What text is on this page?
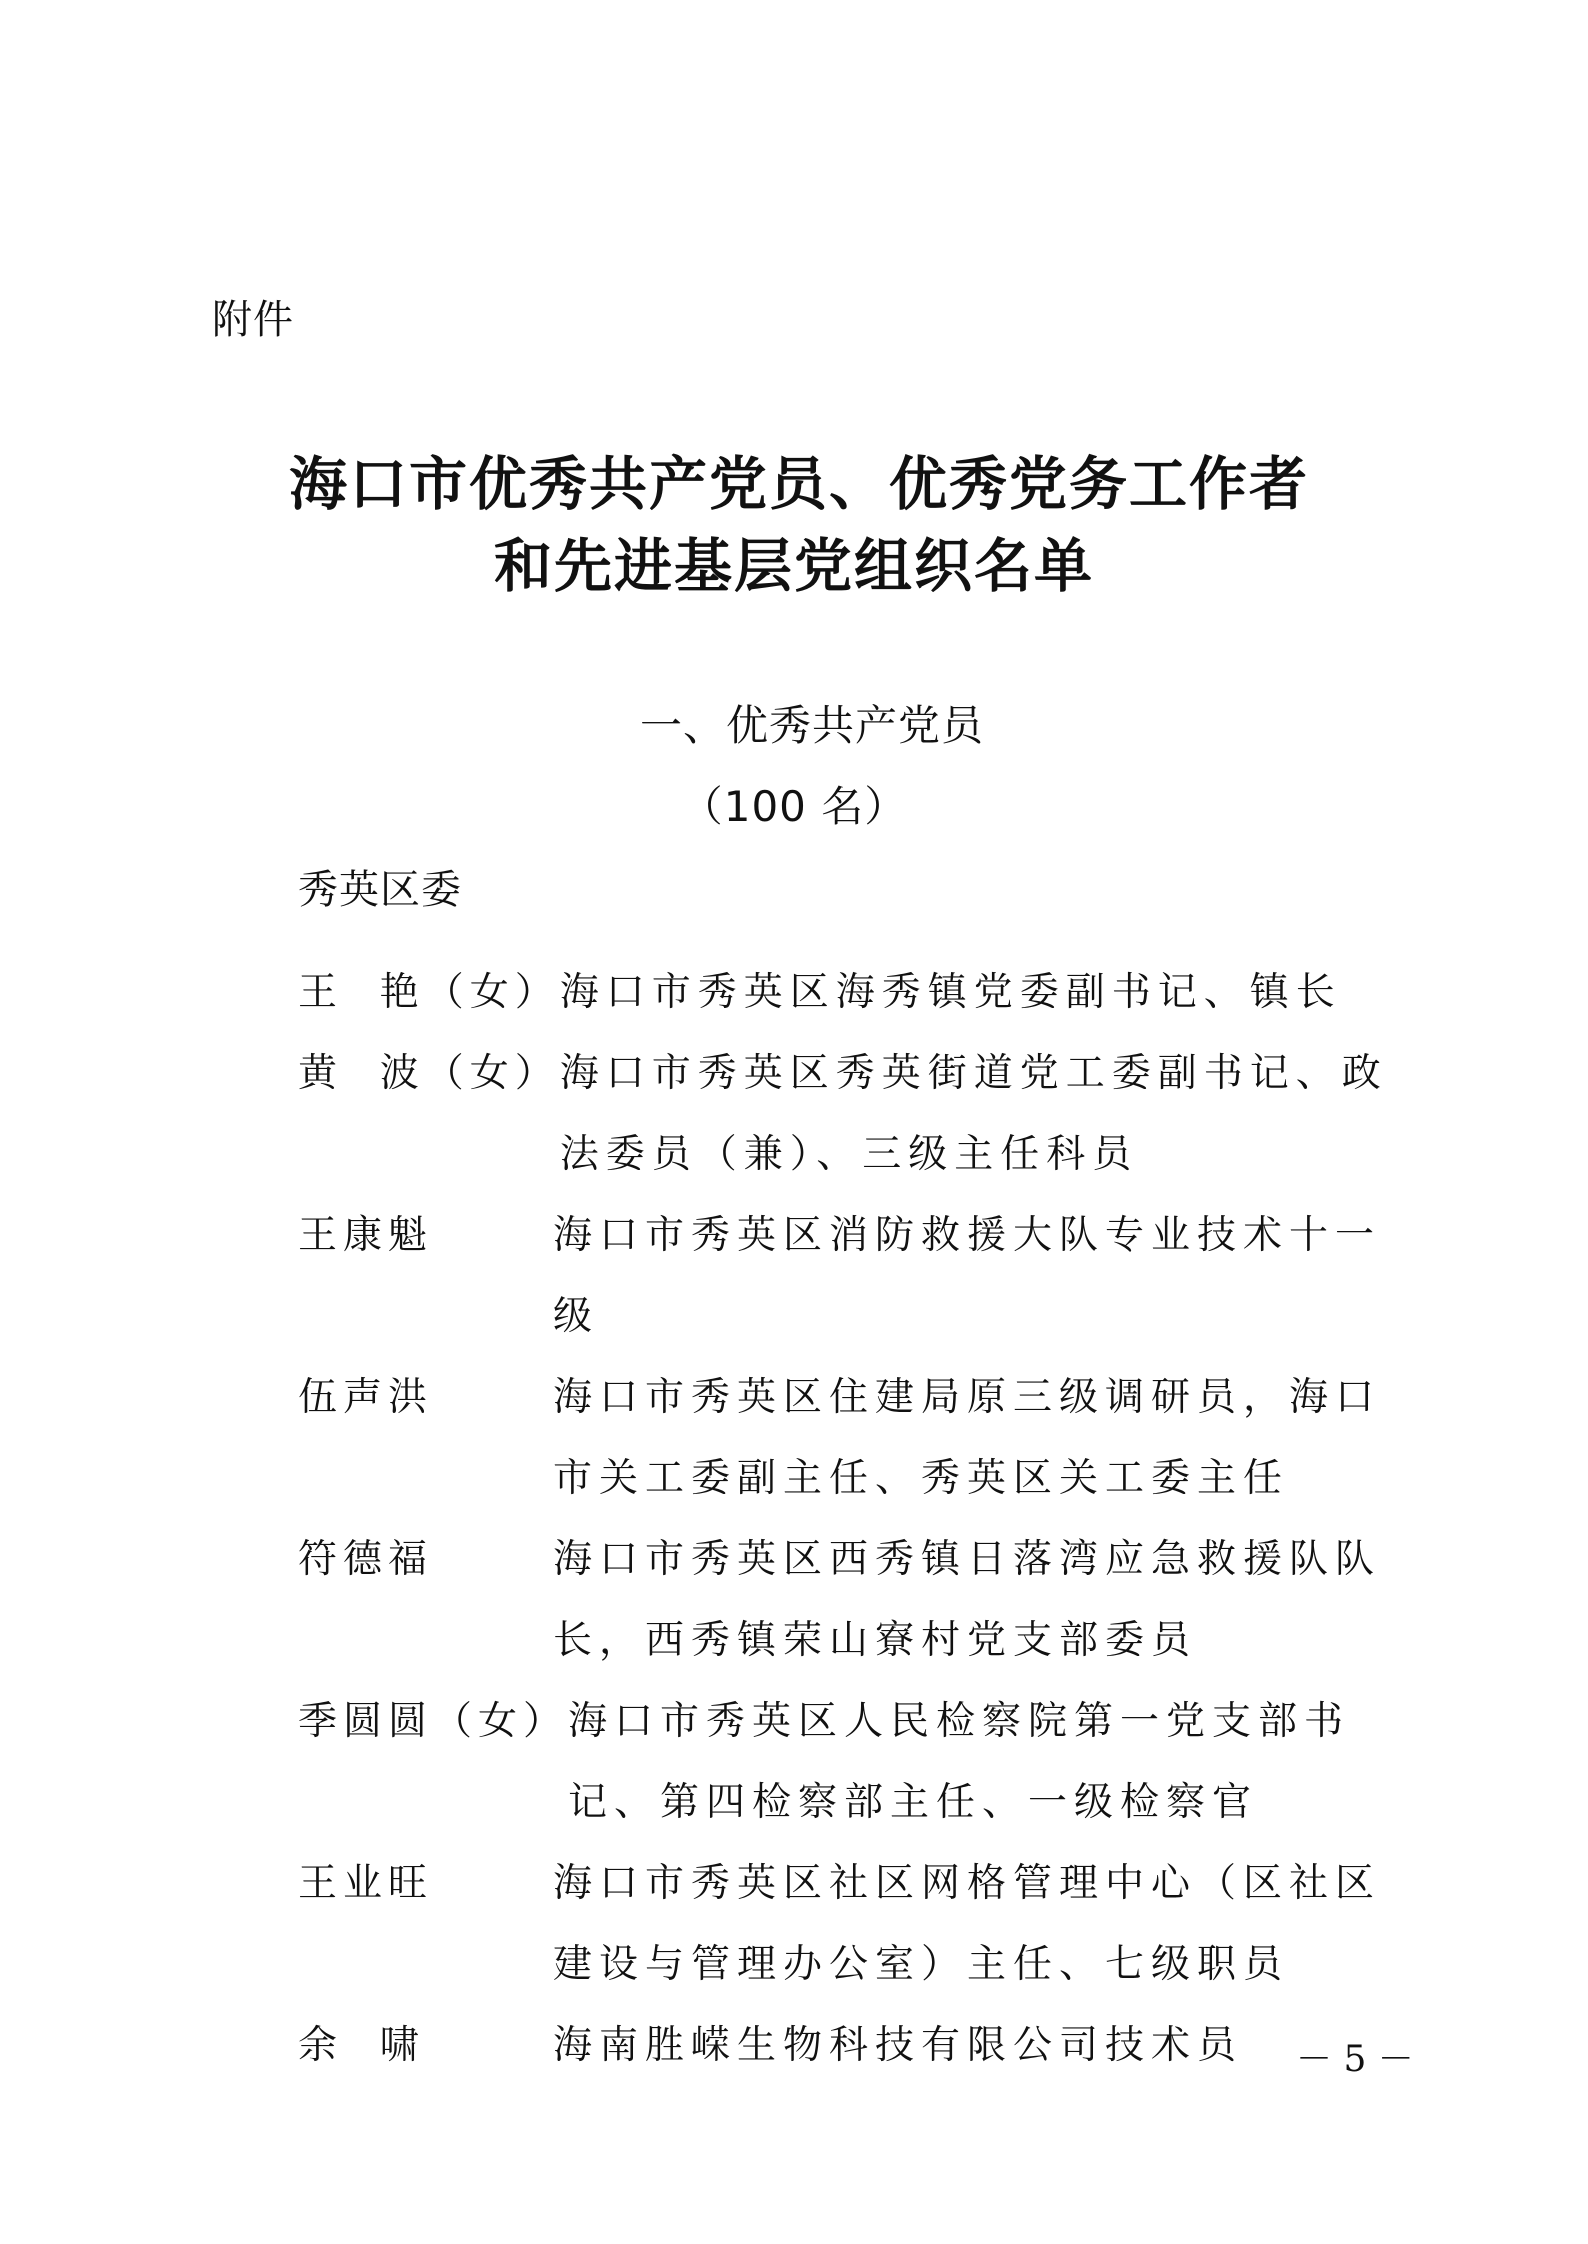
附件
海口市优秀共产党员、优秀党务工作者
和先进基层党组织名单
一、优秀共产党员
（100 名）
秀英区委
王  艳（女） 海口市秀英区海秀镇党委副书记、镇长
黄  波（女） 海口市秀英区秀英街道党工委副书记、政法委员（兼）、三级主任科员
王康魁	海口市秀英区消防救援大队专业技术十一级
伍声洪	海口市秀英区住建局原三级调研员，海口市关工委副主任、秀英区关工委主任
符德福	海口市秀英区西秀镇日落湾应急救援队队长，西秀镇荣山寮村党支部委员
季圆圆（女） 海口市秀英区人民检察院第一党支部书记、第四检察部主任、一级检察官
王业旺	海口市秀英区社区网格管理中心（区社区建设与管理办公室）主任、七级职员
余  啸	海南胜嵘生物科技有限公司技术员	－ 5 －
